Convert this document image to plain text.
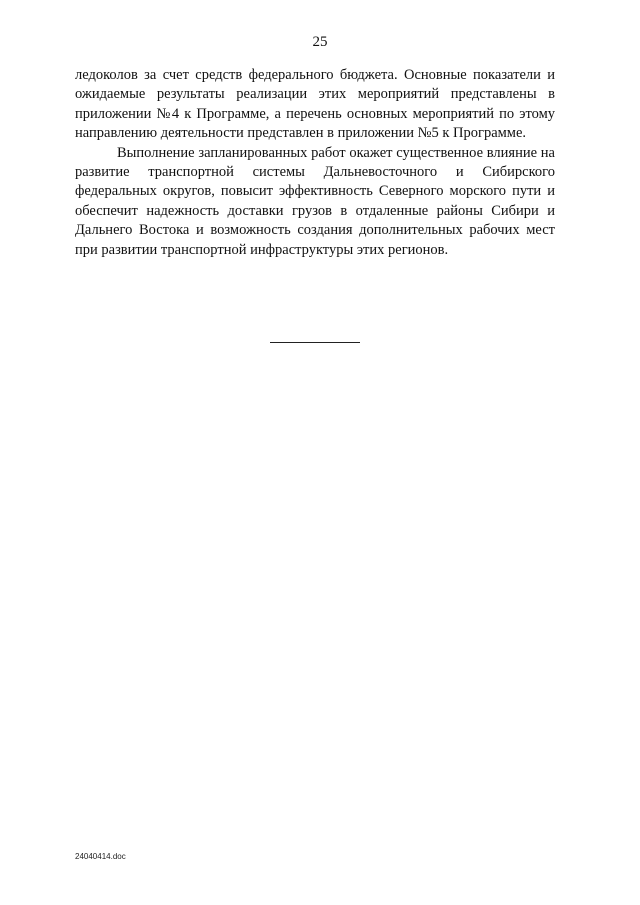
25

ледоколов за счет средств федерального бюджета. Основные показатели и ожидаемые результаты реализации этих мероприятий представлены в приложении №4 к Программе, а перечень основных мероприятий по этому направлению деятельности представлен в приложении №5 к Программе.

Выполнение запланированных работ окажет существенное влияние на развитие транспортной системы Дальневосточного и Сибирского федеральных округов, повысит эффективность Северного морского пути и обеспечит надежность доставки грузов в отдаленные районы Сибири и Дальнего Востока и возможность создания дополнительных рабочих мест при развитии транспортной инфраструктуры этих регионов.

24040414.doc
